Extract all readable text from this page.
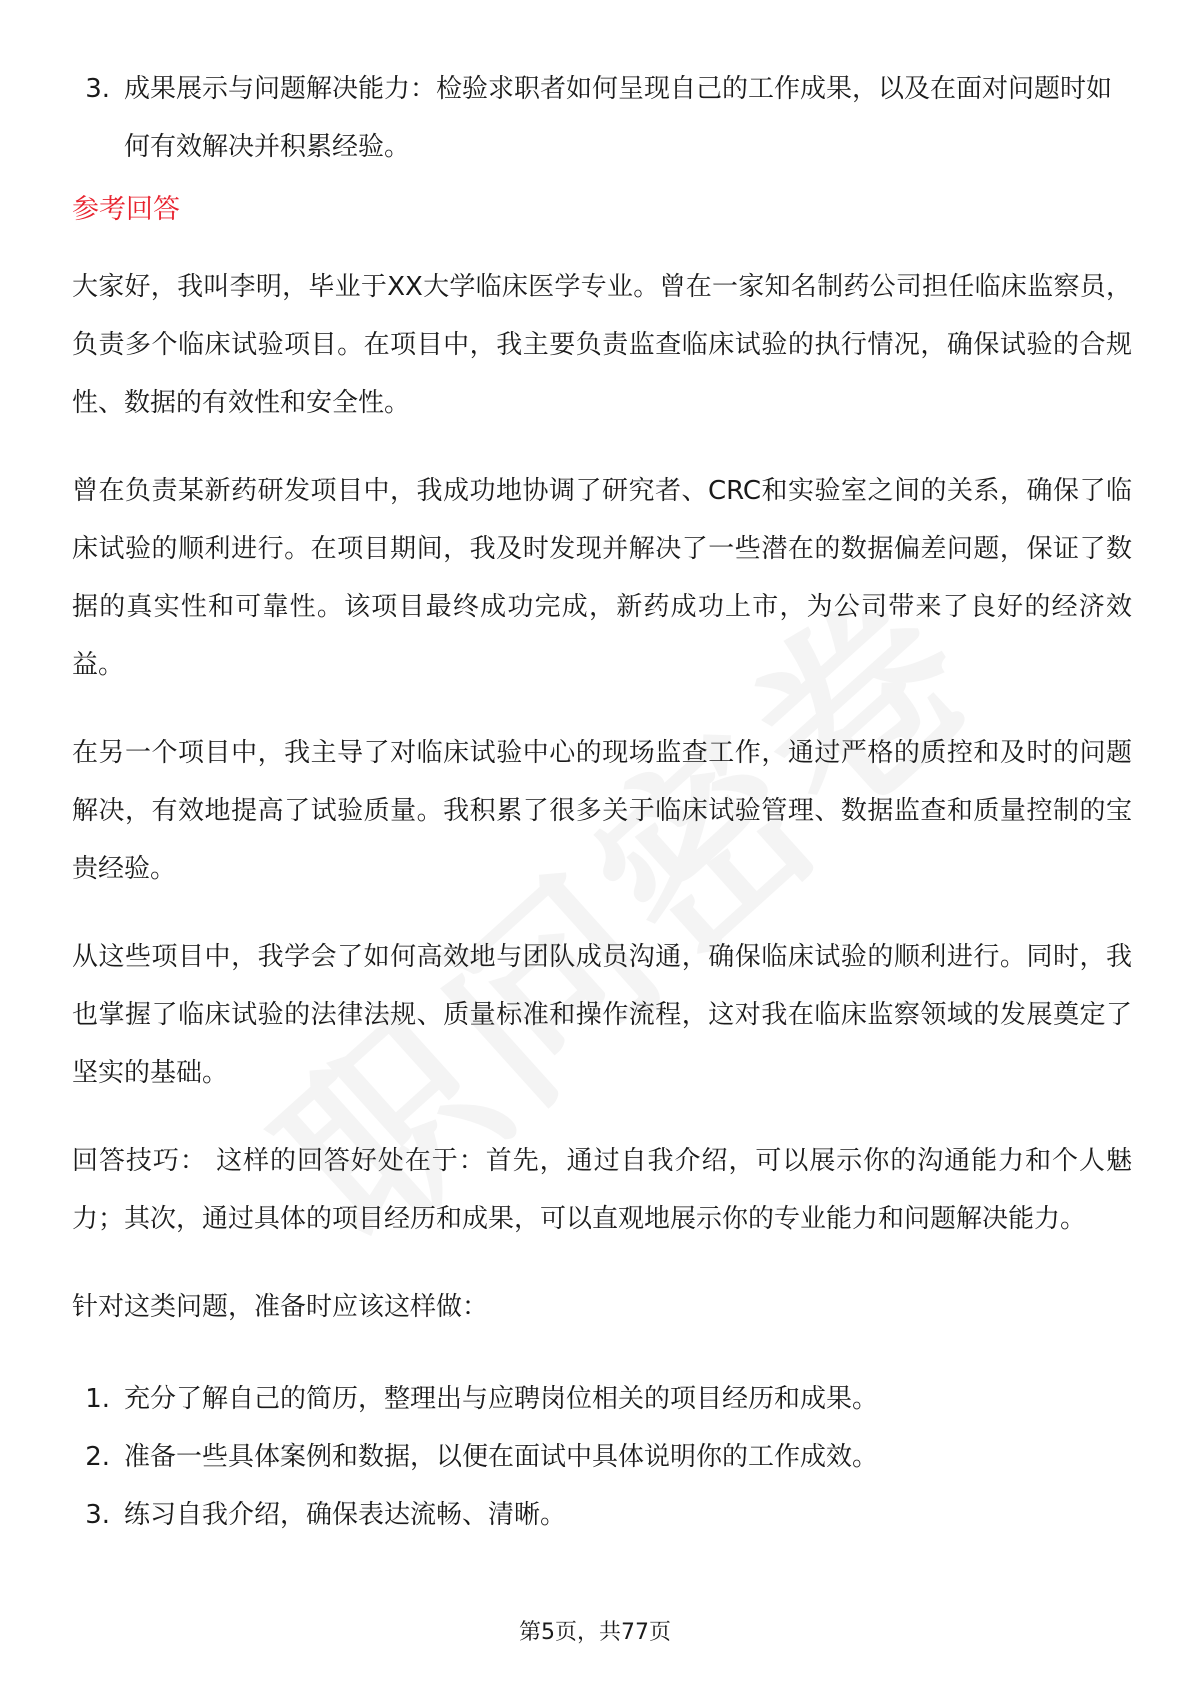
3. 成果展示与问题解决能力：检验求职者如何呈现自己的工作成果，以及在面对问题时如何有效解决并积累经验。
参考回答

大家好，我叫李明，毕业于XX大学临床医学专业。曾在一家知名制药公司担任临床监察员，负责多个临床试验项目。在项目中，我主要负责监查临床试验的执行情况，确保试验的合规性、数据的有效性和安全性。

曾在负责某新药研发项目中，我成功地协调了研究者、CRC和实验室之间的关系，确保了临床试验的顺利进行。在项目期间，我及时发现并解决了一些潜在的数据偏差问题，保证了数据的真实性和可靠性。该项目最终成功完成，新药成功上市，为公司带来了良好的经济效益。

在另一个项目中，我主导了对临床试验中心的现场监查工作，通过严格的质控和及时的问题解决，有效地提高了试验质量。我积累了很多关于临床试验管理、数据监查和质量控制的宝贵经验。

从这些项目中，我学会了如何高效地与团队成员沟通，确保临床试验的顺利进行。同时，我也掌握了临床试验的法律法规、质量标准和操作流程，这对我在临床监察领域的发展奠定了坚实的基础。

回答技巧： 这样的回答好处在于：首先，通过自我介绍，可以展示你的沟通能力和个人魅力；其次，通过具体的项目经历和成果，可以直观地展示你的专业能力和问题解决能力。

针对这类问题，准备时应该这样做：

1. 充分了解自己的简历，整理出与应聘岗位相关的项目经历和成果。
2. 准备一些具体案例和数据，以便在面试中具体说明你的工作成效。
3. 练习自我介绍，确保表达流畅、清晰。
第5页，共77页
